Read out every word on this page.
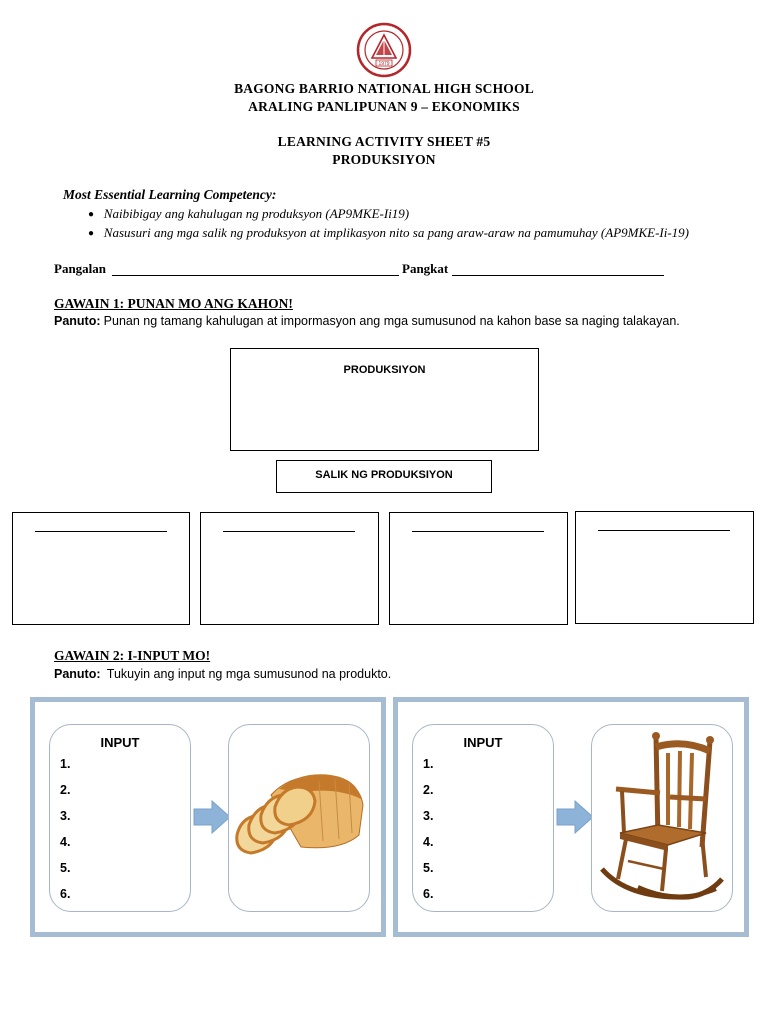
1979
BAGONG BARRIO NATIONAL HIGH SCHOOL
ARALING PANLIPUNAN 9 – EKONOMIKS
LEARNING ACTIVITY SHEET #5
PRODUKSIYON
Most Essential Learning Competency:
● Naibibigay ang kahulugan ng produksyon (AP9MKE-Ii19)
● Nasusuri ang mga salik ng produksyon at implikasyon nito sa pang araw-araw na pamumuhay (AP9MKE-Ii-19)
Pangalan	Pangkat
GAWAIN 1: PUNAN MO ANG KAHON!
Panuto: Punan ng tamang kahulugan at impormasyon ang mga sumusunod na kahon base sa naging talakayan.
PRODUKSIYON
SALIK NG PRODUKSIYON
GAWAIN 2: I-INPUT MO!
Panuto: Tukuyin ang input ng mga sumusunod na produkto.
INPUT
1.
2.
3.
4.
5.
6.
INPUT
1.
2.
3.
4.
5.
6.
